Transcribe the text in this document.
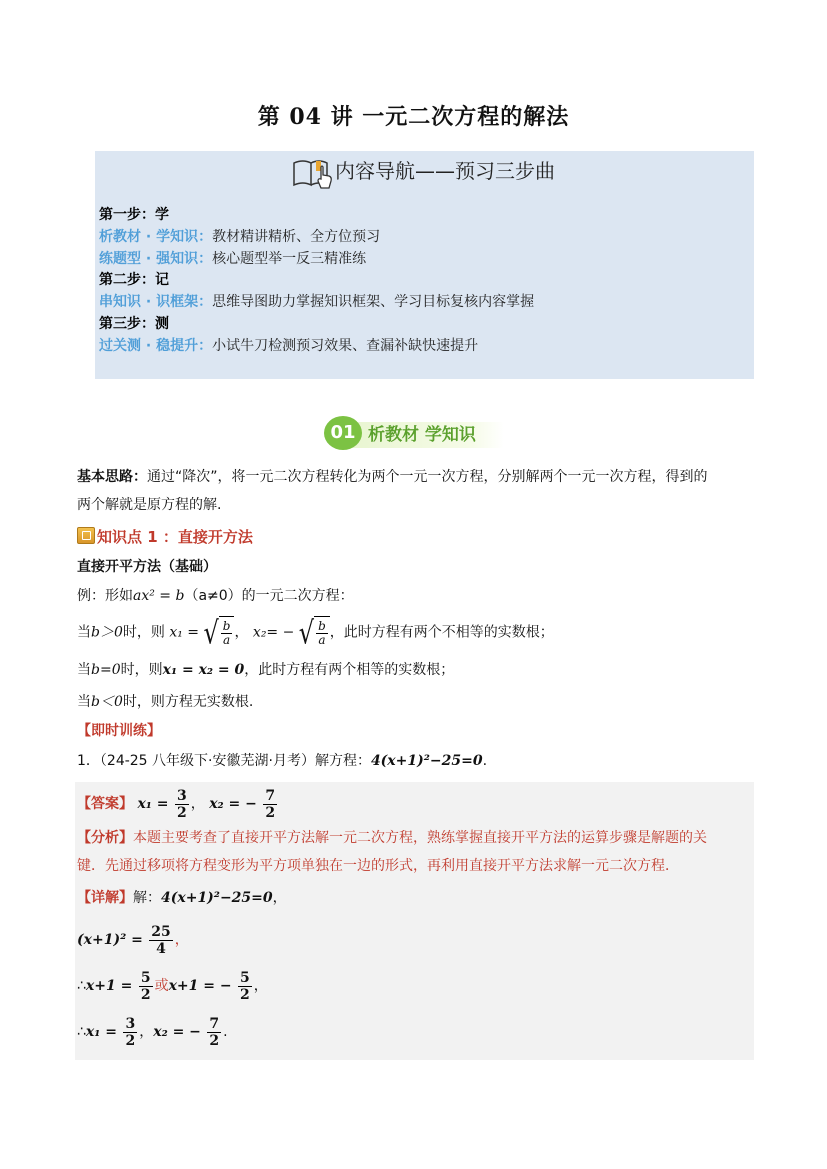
第 04 讲 一元二次方程的解法
内容导航——预习三步曲
第一步：学
析教材 · 学知识：教材精讲精析、全方位预习
练题型 · 强知识：核心题型举一反三精准练
第二步：记
串知识 · 识框架：思维导图助力掌握知识框架、学习目标复核内容掌握
第三步：测
过关测 · 稳提升：小试牛刀检测预习效果、查漏补缺快速提升
01 析教材 学知识
基本思路：通过“降次”，将一元二次方程转化为两个一元一次方程，分别解两个一元一次方程，得到的
两个解就是原方程的解.
知识点 1 ：直接开方法
直接开平方法（基础）
例：形如ax² = b（a≠0）的一元二次方程：
当b＞0时，则 x₁ = √ $\frac{b}{a}$ ， x₂= − √ $\frac{b}{a}$ ，此时方程有两个不相等的实数根；
当b=0时，则x₁ = x₂ = 0，此时方程有两个相等的实数根；
当b＜0时，则方程无实数根.
【即时训练】
1．（24-25 八年级下·安徽芜湖·月考）解方程：4(x+1)²−25=0.
【答案】 $x_1 = \frac{3}{2}$ ， x₂ = − $\frac{7}{2}$
【分析】本题主要考查了直接开平方法解一元二次方程，熟练掌握直接开平方法的运算步骤是解题的关
键．先通过移项将方程变形为平方项单独在一边的形式，再利用直接开平方法求解一元二次方程．
【详解】解：4(x+1)²−25=0，
$(x+1)^2 = \frac{25}{4}$ ，
∴x+1 = $\frac{5}{2}$ 或x+1 = − $\frac{5}{2}$ ，
∴x₁ = $\frac{3}{2}$ ，x₂ = − $\frac{7}{2}$ .
